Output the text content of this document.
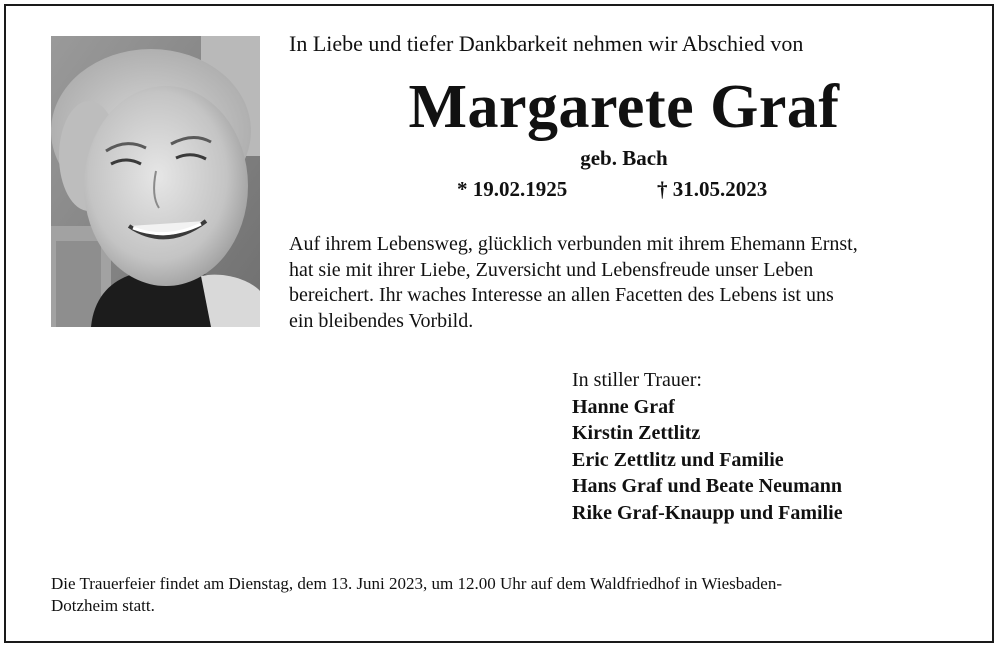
In Liebe und tiefer Dankbarkeit nehmen wir Abschied von
Margarete Graf
geb. Bach
* 19.02.1925	† 31.05.2023
Auf ihrem Lebensweg, glücklich verbunden mit ihrem Ehemann Ernst,
hat sie mit ihrer Liebe, Zuversicht und Lebensfreude unser Leben
bereichert. Ihr waches Interesse an allen Facetten des Lebens ist uns
ein bleibendes Vorbild.
In stiller Trauer:
Hanne Graf
Kirstin Zettlitz
Eric Zettlitz und Familie
Hans Graf und Beate Neumann
Rike Graf-Knaupp und Familie
Die Trauerfeier findet am Dienstag, dem 13. Juni 2023, um 12.00 Uhr auf dem Waldfriedhof in Wiesbaden-
Dotzheim statt.
